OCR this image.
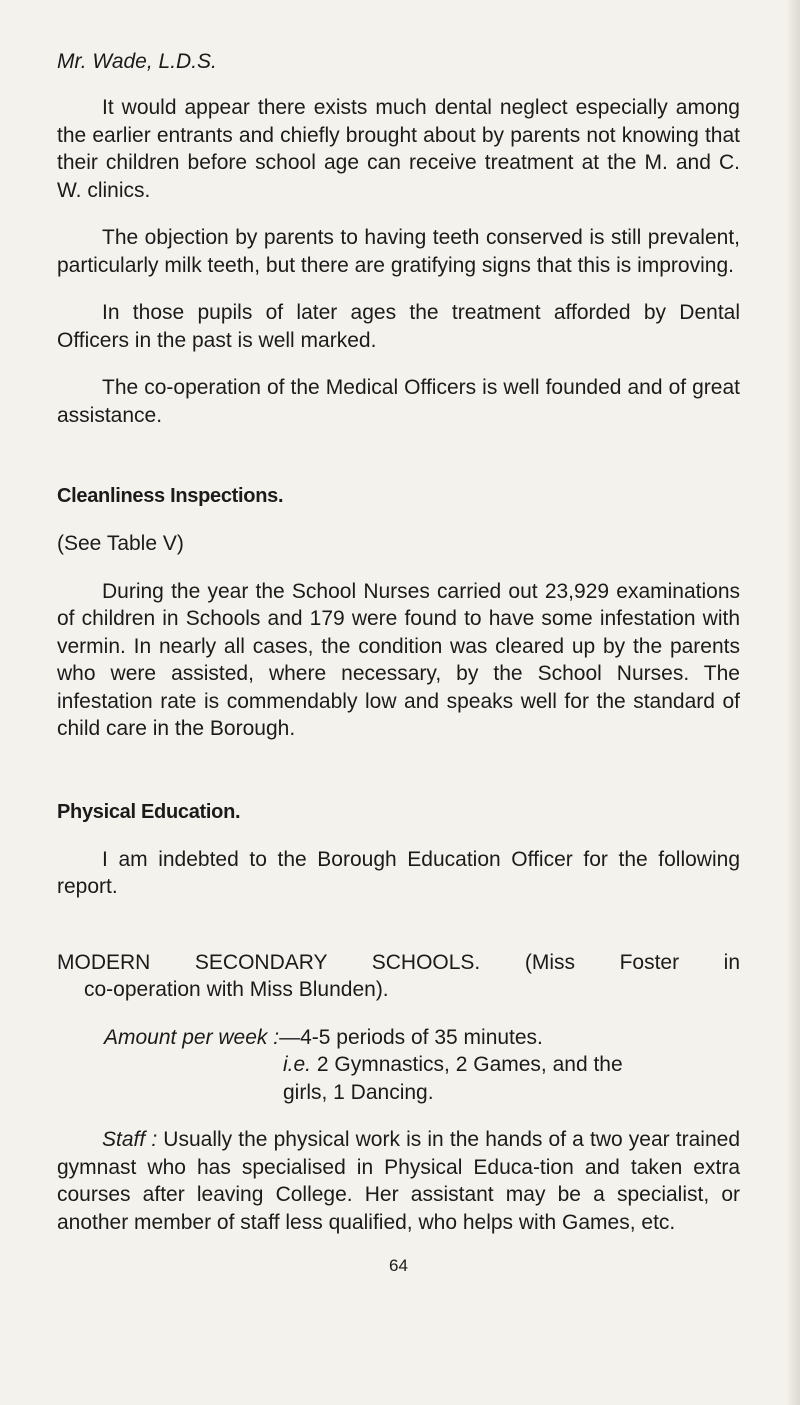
Mr. Wade, L.D.S.

It would appear there exists much dental neglect especially among the earlier entrants and chiefly brought about by parents not knowing that their children before school age can receive treatment at the M. and C. W. clinics.

The objection by parents to having teeth conserved is still prevalent, particularly milk teeth, but there are gratifying signs that this is improving.

In those pupils of later ages the treatment afforded by Dental Officers in the past is well marked.

The co-operation of the Medical Officers is well founded and of great assistance.

Cleanliness Inspections.

(See Table V)

During the year the School Nurses carried out 23,929 examinations of children in Schools and 179 were found to have some infestation with vermin. In nearly all cases, the condition was cleared up by the parents who were assisted, where necessary, by the School Nurses. The infestation rate is commendably low and speaks well for the standard of child care in the Borough.

Physical Education.

I am indebted to the Borough Education Officer for the following report.

MODERN SECONDARY SCHOOLS. (Miss Foster in

co-operation with Miss Blunden).

Amount per week :—4-5 periods of 35 minutes.

i.e. 2 Gymnastics, 2 Games, and the

girls, 1 Dancing.

Staff : Usually the physical work is in the hands of a two year trained gymnast who has specialised in Physical Educa-tion and taken extra courses after leaving College. Her assistant may be a specialist, or another member of staff less qualified, who helps with Games, etc.

64
